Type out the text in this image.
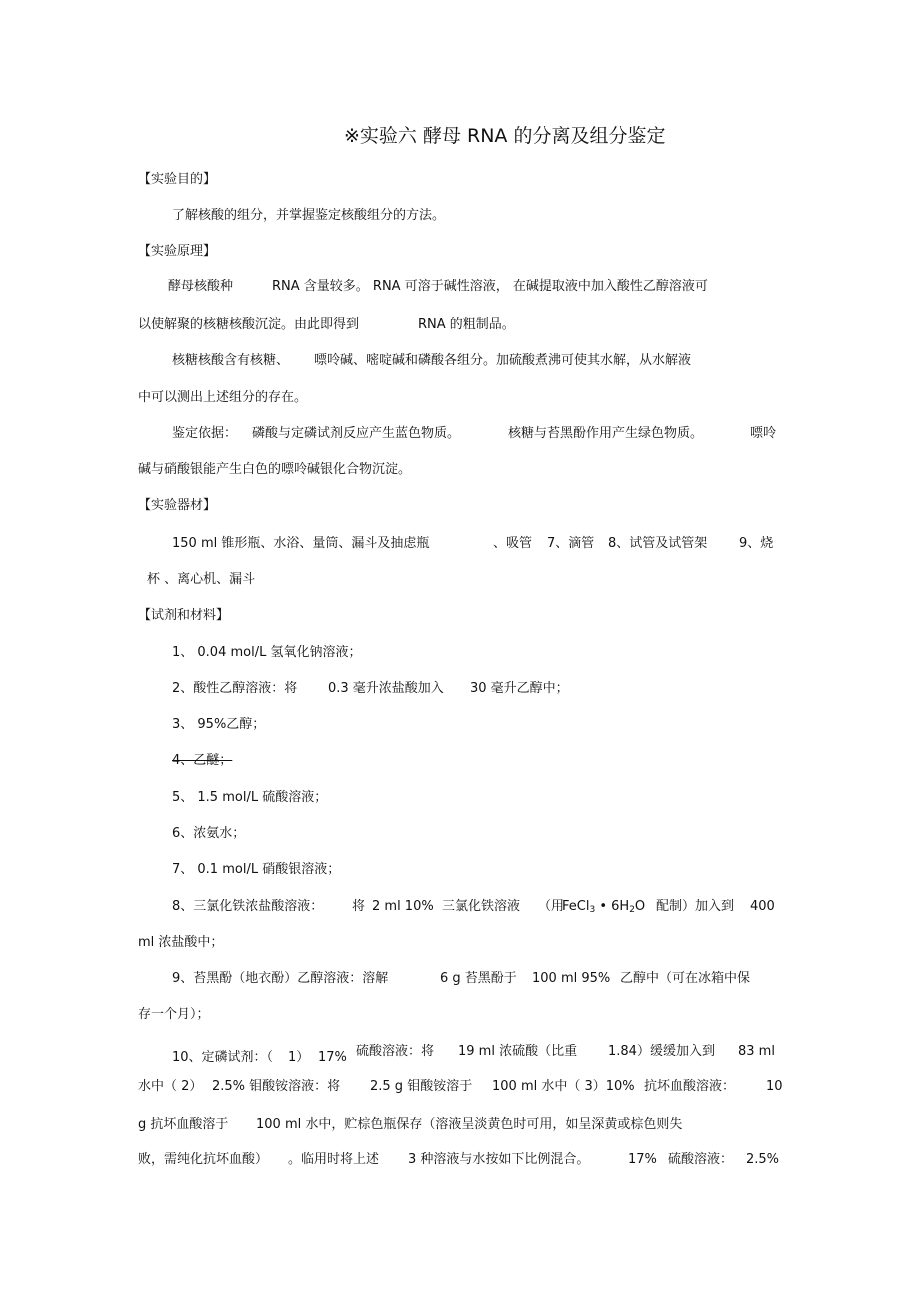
※实验六 酵母 RNA 的分离及组分鉴定
【实验目的】
了解核酸的组分，并掌握鉴定核酸组分的方法。
【实验原理】
酵母核酸种	RNA 含量较多。 RNA 可溶于碱性溶液， 在碱提取液中加入酸性乙醇溶液可
以使解聚的核糖核酸沉淀。由此即得到	RNA 的粗制品。
核糖核酸含有核糖、 嘌呤碱、嘧啶碱和磷酸各组分。加硫酸煮沸可使其水解，从水解液
中可以测出上述组分的存在。
鉴定依据： 磷酸与定磷试剂反应产生蓝色物质。	核糖与苔黑酚作用产生绿色物质。	嘌呤
碱与硝酸银能产生白色的嘌呤碱银化合物沉淀。
【实验器材】
150 ml 锥形瓶、水浴、量筒、漏斗及抽虑瓶	、吸管 7、滴管 8、试管及试管架 9、烧
杯 、离心机、漏斗
【试剂和材料】
1、 0.04 mol/L 氢氧化钠溶液；
2、酸性乙醇溶液：将 0.3 毫升浓盐酸加入 30 毫升乙醇中；
3、 95%乙醇；
4、乙醚；
5、 1.5 mol/L 硫酸溶液；
6、浓氨水；
7、 0.1 mol/L 硝酸银溶液；
8、三氯化铁浓盐酸溶液： 将 2 ml 10% 三氯化铁溶液 （用
FeCl$_3$ • $6H_2O$ 配制）加入到 400
ml 浓盐酸中；
9、苔黑酚（地衣酚）乙醇溶液：溶解	6 g 苔黑酚于 100 ml 95% 乙醇中（可在冰箱中保
存一个月）；
10、定磷试剂：（ 1） 17% 硫酸溶液：将 19 ml 浓硫酸（比重 1.84）缓缓加入到 83 ml
水中（ 2） 2.5% 钼酸铵溶液：将 2.5 g 钼酸铵溶于 100 ml 水中（ 3）10% 抗坏血酸溶液： 10
g 抗坏血酸溶于 100 ml 水中，贮棕色瓶保存（溶液呈淡黄色时可用，如呈深黄或棕色则失
败，需纯化抗坏血酸） 。临用时将上述 3 种溶液与水按如下比例混合。	17% 硫酸溶液： 2.5%
